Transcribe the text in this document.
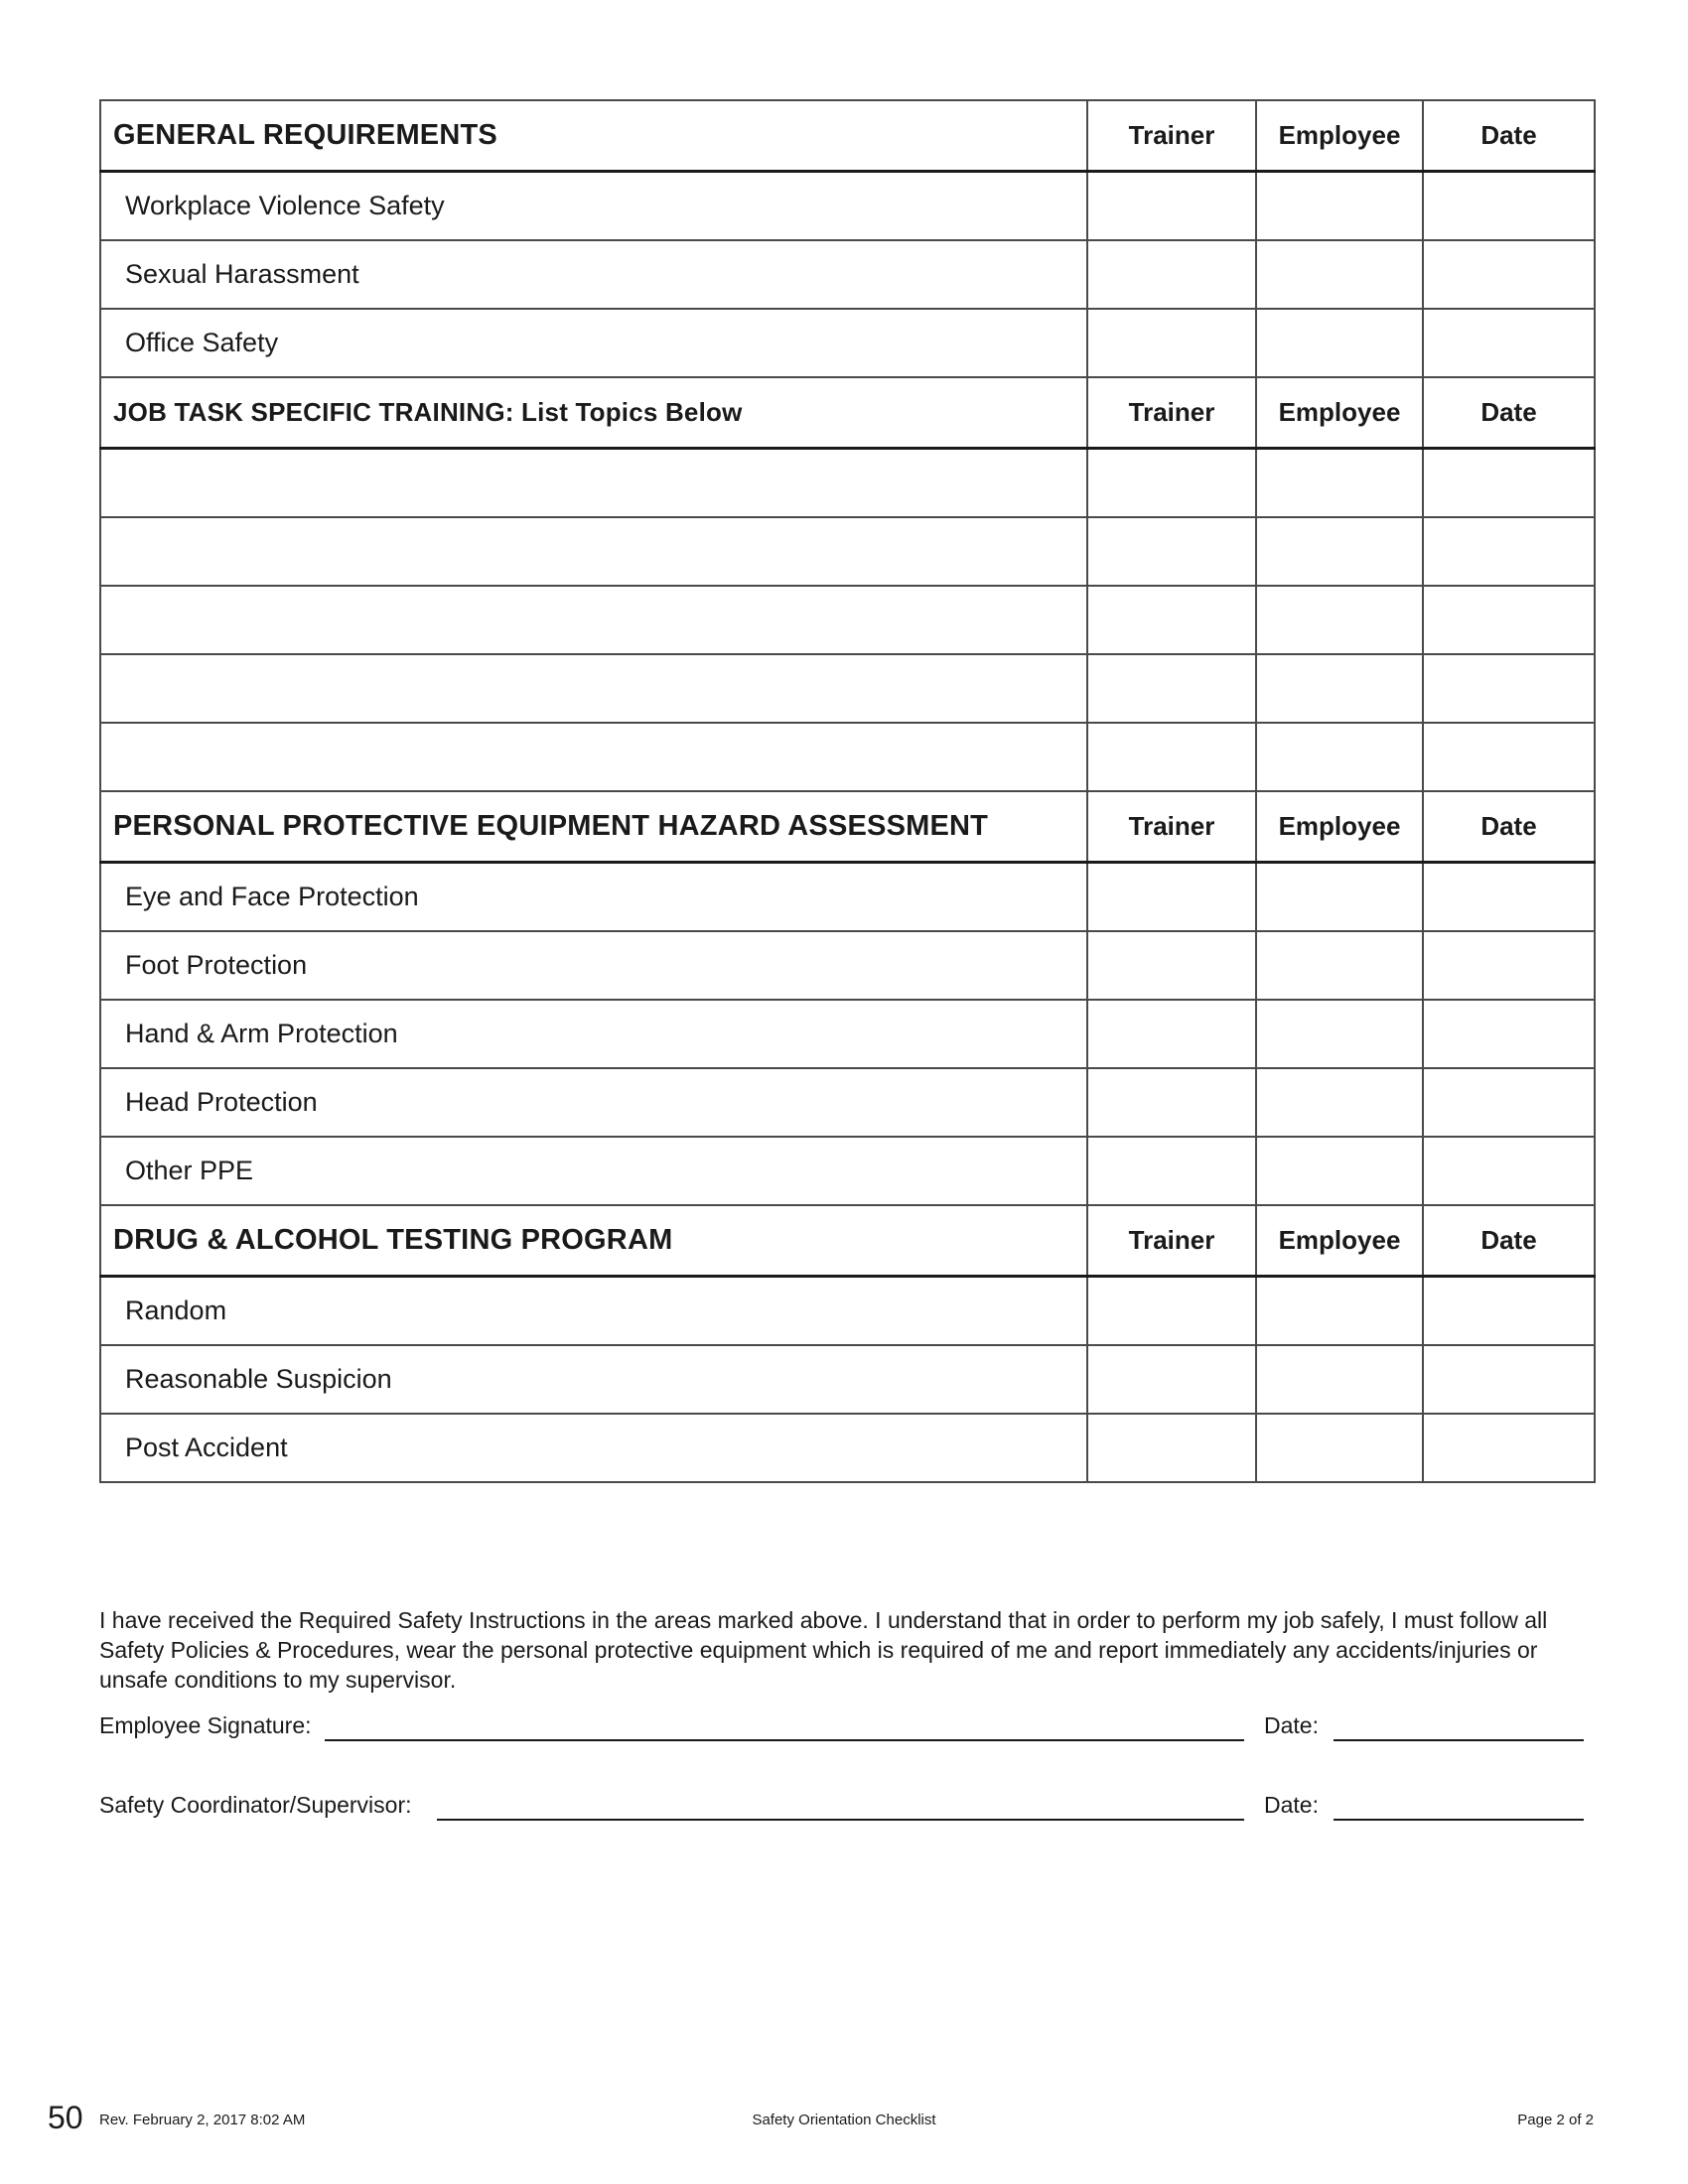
GENERAL REQUIREMENTS	Trainer	Employee	Date
Workplace Violence Safety			
Sexual Harassment			
Office Safety			
JOB TASK SPECIFIC TRAINING: List Topics Below	Trainer	Employee	Date

PERSONAL PROTECTIVE EQUIPMENT HAZARD ASSESSMENT	Trainer	Employee	Date
Eye and Face Protection			
Foot Protection			
Hand & Arm Protection			
Head Protection			
Other PPE			
DRUG & ALCOHOL TESTING PROGRAM	Trainer	Employee	Date
Random			
Reasonable Suspicion			
Post Accident			

I have received the Required Safety Instructions in the areas marked above. I understand that in order to perform my job safely, I must follow all Safety Policies & Procedures, wear the personal protective equipment which is required of me and report immediately any accidents/injuries or unsafe conditions to my supervisor.

Employee Signature:	Date:
Safety Coordinator/Supervisor:	Date:
50 Rev. February 2, 2017 8:02 AM	Safety Orientation Checklist	Page 2 of 2
